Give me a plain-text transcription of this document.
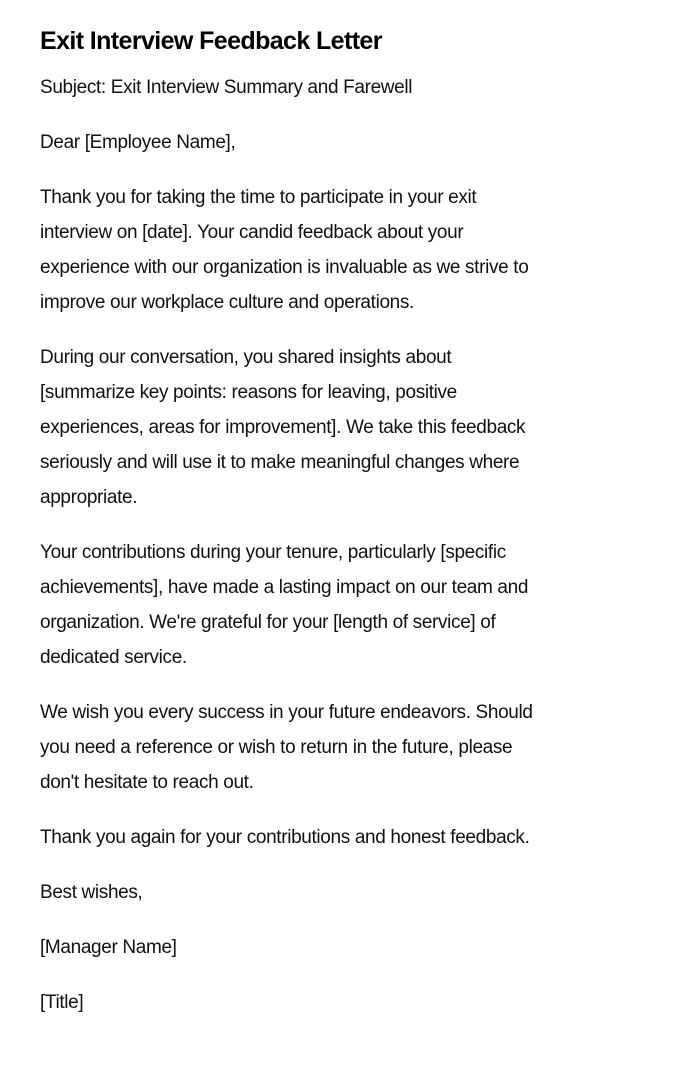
Exit Interview Feedback Letter

Subject: Exit Interview Summary and Farewell

Dear [Employee Name],

Thank you for taking the time to participate in your exit
interview on [date]. Your candid feedback about your
experience with our organization is invaluable as we strive to
improve our workplace culture and operations.

During our conversation, you shared insights about
[summarize key points: reasons for leaving, positive
experiences, areas for improvement]. We take this feedback
seriously and will use it to make meaningful changes where
appropriate.

Your contributions during your tenure, particularly [specific
achievements], have made a lasting impact on our team and
organization. We're grateful for your [length of service] of
dedicated service.

We wish you every success in your future endeavors. Should
you need a reference or wish to return in the future, please
don't hesitate to reach out.

Thank you again for your contributions and honest feedback.

Best wishes,

[Manager Name]

[Title]
